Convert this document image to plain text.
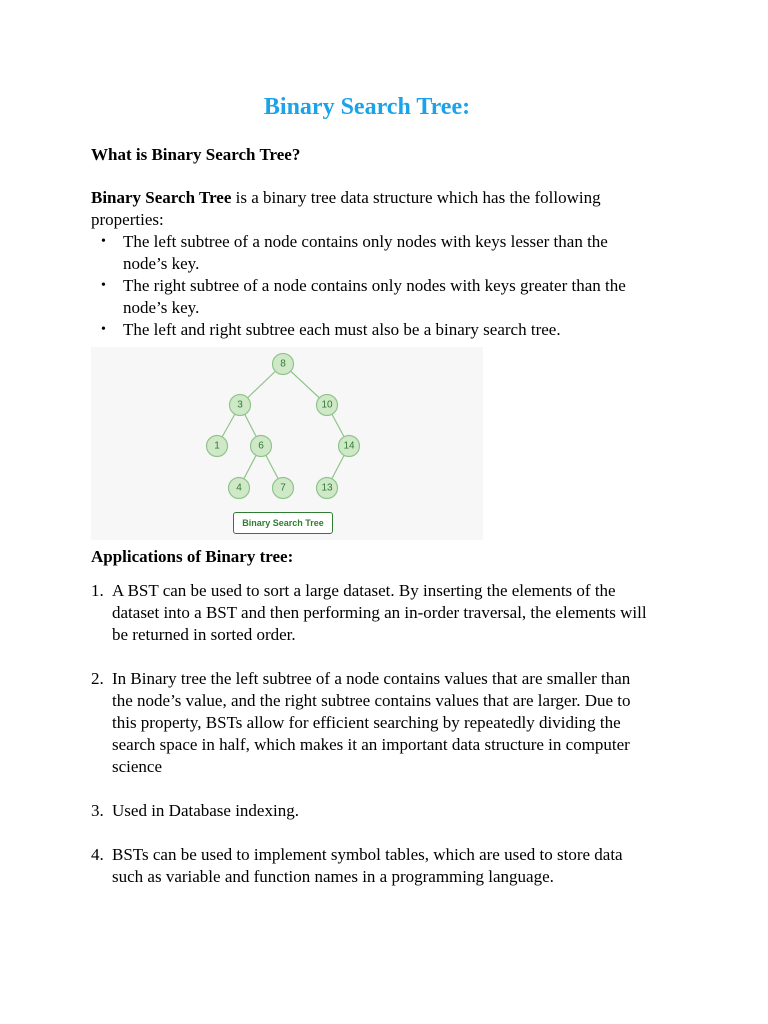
Binary Search Tree:
What is Binary Search Tree?
Binary Search Tree is a binary tree data structure which has the following properties:
• The left subtree of a node contains only nodes with keys lesser than the node’s key.
• The right subtree of a node contains only nodes with keys greater than the node’s key.
• The left and right subtree each must also be a binary search tree.
8
3	10
1	6	14
4	7	13
Binary Search Tree
Applications of Binary tree:
1. A BST can be used to sort a large dataset. By inserting the elements of the dataset into a BST and then performing an in-order traversal, the elements will be returned in sorted order.
2. In Binary tree the left subtree of a node contains values that are smaller than the node’s value, and the right subtree contains values that are larger. Due to this property, BSTs allow for efficient searching by repeatedly dividing the search space in half, which makes it an important data structure in computer science
3. Used in Database indexing.
4. BSTs can be used to implement symbol tables, which are used to store data such as variable and function names in a programming language.
